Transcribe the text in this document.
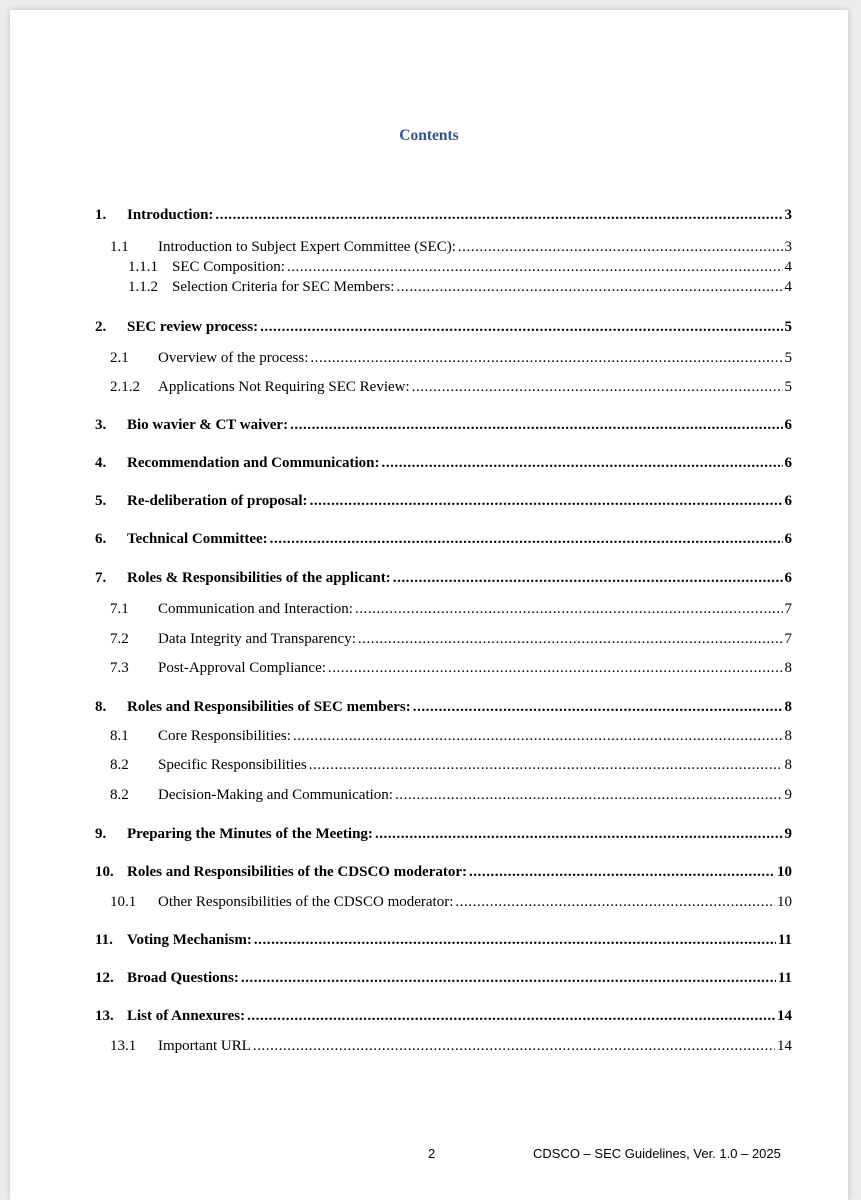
Contents
1.	Introduction: . . .	3
1.1	Introduction to Subject Expert Committee (SEC): . . .	3
1.1.1 SEC Composition: . . .	4
1.1.2 Selection Criteria for SEC Members: . . .	4
2.	SEC review process: . . .	5
2.1	Overview of the process: . . .	5
2.1.2	Applications Not Requiring SEC Review: . . .	5
3.	Bio wavier & CT waiver: . . .	6
4.	Recommendation and Communication: . . .	6
5.	Re-deliberation of proposal: . . .	6
6.	Technical Committee: . . .	6
7.	Roles & Responsibilities of the applicant: . . .	6
7.1	Communication and Interaction: . . .	7
7.2	Data Integrity and Transparency: . . .	7
7.3	Post-Approval Compliance: . . .	8
8.	Roles and Responsibilities of SEC members: . . .	8
8.1	Core Responsibilities: . . .	8
8.2	Specific Responsibilities . . .	8
8.2	Decision-Making and Communication: . . .	9
9.	Preparing the Minutes of the Meeting: . . .	9
10. Roles and Responsibilities of the CDSCO moderator: . . .	10
10.1	Other Responsibilities of the CDSCO moderator: . . .	10
11. Voting Mechanism: . . .	11
12. Broad Questions: . . .	11
13. List of Annexures: . . .	14
13.1	Important URL . . .	14
2	CDSCO – SEC Guidelines, Ver. 1.0 – 2025
